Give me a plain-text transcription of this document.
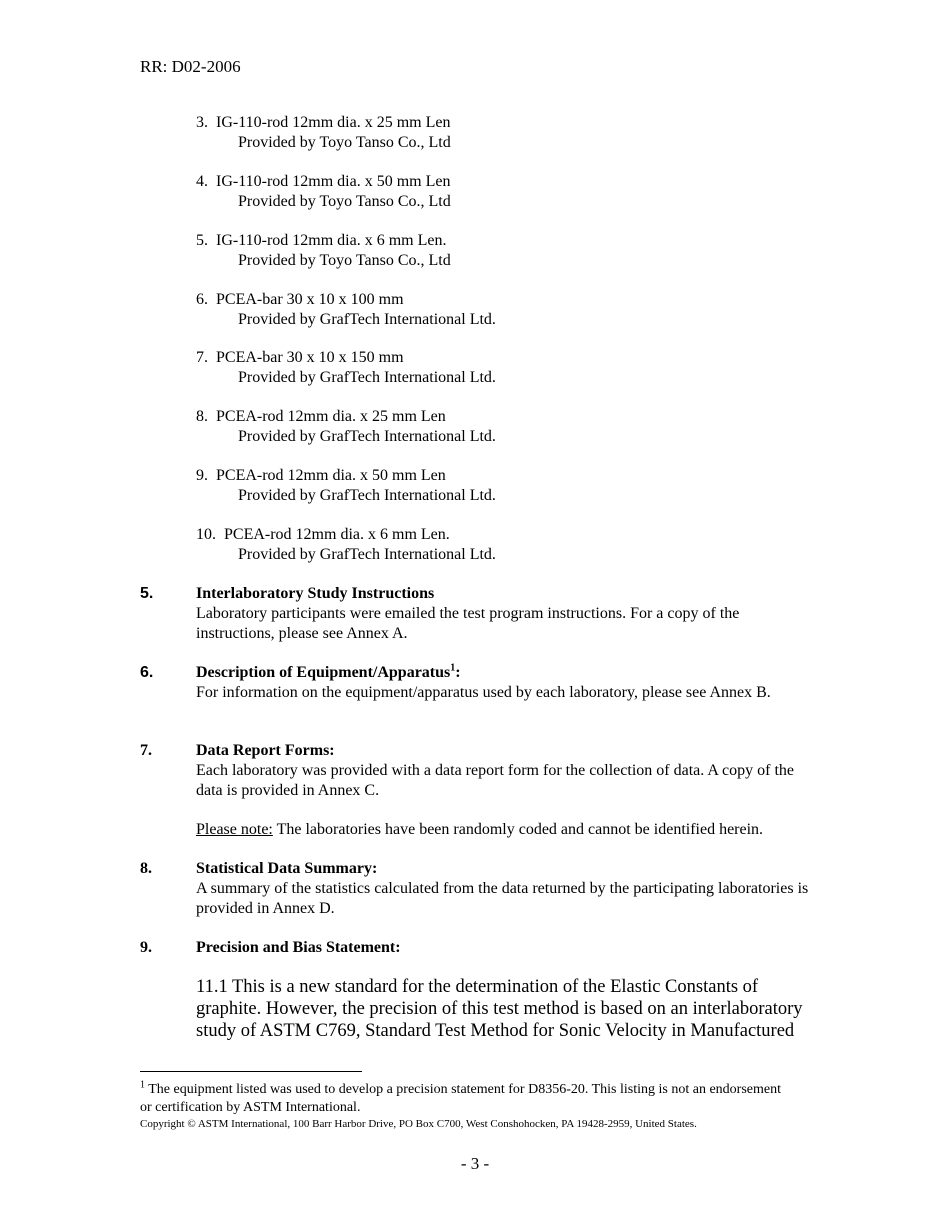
RR: D02-2006
3. IG-110-rod 12mm dia. x 25 mm Len
Provided by Toyo Tanso Co., Ltd
4. IG-110-rod 12mm dia. x 50 mm Len
Provided by Toyo Tanso Co., Ltd
5. IG-110-rod 12mm dia. x 6 mm Len.
Provided by Toyo Tanso Co., Ltd
6. PCEA-bar 30 x 10 x 100 mm
Provided by GrafTech International Ltd.
7. PCEA-bar 30 x 10 x 150 mm
Provided by GrafTech International Ltd.
8. PCEA-rod 12mm dia. x 25 mm Len
Provided by GrafTech International Ltd.
9. PCEA-rod 12mm dia. x 50 mm Len
Provided by GrafTech International Ltd.
10. PCEA-rod 12mm dia. x 6 mm Len.
Provided by GrafTech International Ltd.
5.	Interlaboratory Study Instructions
Laboratory participants were emailed the test program instructions. For a copy of the instructions, please see Annex A.
6.	Description of Equipment/Apparatus$^1$:
For information on the equipment/apparatus used by each laboratory, please see Annex B.
7.	Data Report Forms:
Each laboratory was provided with a data report form for the collection of data. A copy of the data is provided in Annex C.
Please note: The laboratories have been randomly coded and cannot be identified herein.
8.	Statistical Data Summary:
A summary of the statistics calculated from the data returned by the participating laboratories is provided in Annex D.
9.	Precision and Bias Statement:
11.1 This is a new standard for the determination of the Elastic Constants of graphite. However, the precision of this test method is based on an interlaboratory study of ASTM C769, Standard Test Method for Sonic Velocity in Manufactured
$^1$ The equipment listed was used to develop a precision statement for D8356-20. This listing is not an endorsement or certification by ASTM International.
Copyright © ASTM International, 100 Barr Harbor Drive, PO Box C700, West Conshohocken, PA 19428-2959, United States.
- 3 -
